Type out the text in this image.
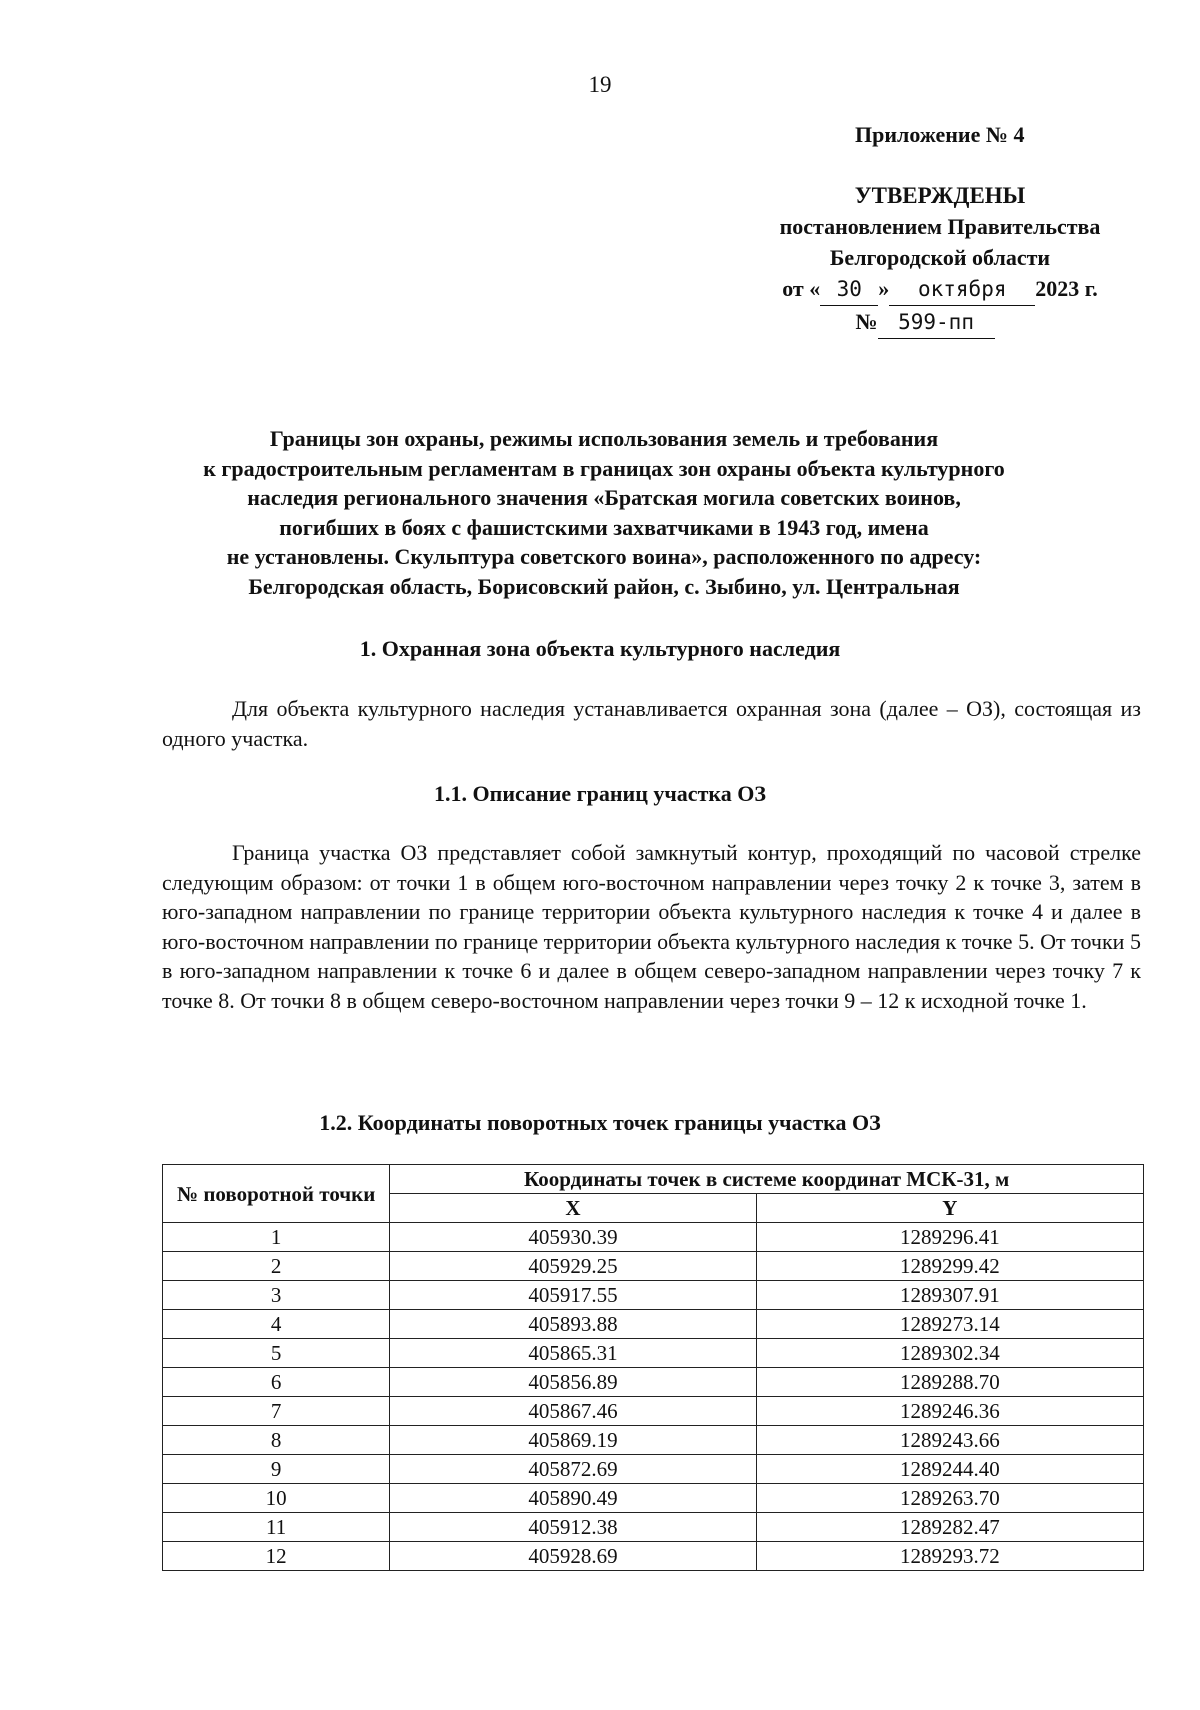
19
Приложение № 4
УТВЕРЖДЕНЫ
постановлением Правительства
Белгородской области
от « 30 » октября 2023 г.
№ 599-пп
Границы зон охраны, режимы использования земель и требования
к градостроительным регламентам в границах зон охраны объекта культурного
наследия регионального значения «Братская могила советских воинов,
погибших в боях с фашистскими захватчиками в 1943 год, имена
не установлены. Скульптура советского воина», расположенного по адресу:
Белгородская область, Борисовский район, с. Зыбино, ул. Центральная
1. Охранная зона объекта культурного наследия
Для объекта культурного наследия устанавливается охранная зона (далее – ОЗ), состоящая из одного участка.
1.1. Описание границ участка ОЗ
Граница участка ОЗ представляет собой замкнутый контур, проходящий по часовой стрелке следующим образом: от точки 1 в общем юго-восточном направлении через точку 2 к точке 3, затем в юго-западном направлении по границе территории объекта культурного наследия к точке 4 и далее в юго-восточном направлении по границе территории объекта культурного наследия к точке 5. От точки 5 в юго-западном направлении к точке 6 и далее в общем северо-западном направлении через точку 7 к точке 8. От точки 8 в общем северо-восточном направлении через точки 9 – 12 к исходной точке 1.
1.2. Координаты поворотных точек границы участка ОЗ
№ поворотной точки	Координаты точек в системе координат МСК-31, м	
	X	Y
1	405930.39	1289296.41
2	405929.25	1289299.42
3	405917.55	1289307.91
4	405893.88	1289273.14
5	405865.31	1289302.34
6	405856.89	1289288.70
7	405867.46	1289246.36
8	405869.19	1289243.66
9	405872.69	1289244.40
10	405890.49	1289263.70
11	405912.38	1289282.47
12	405928.69	1289293.72
